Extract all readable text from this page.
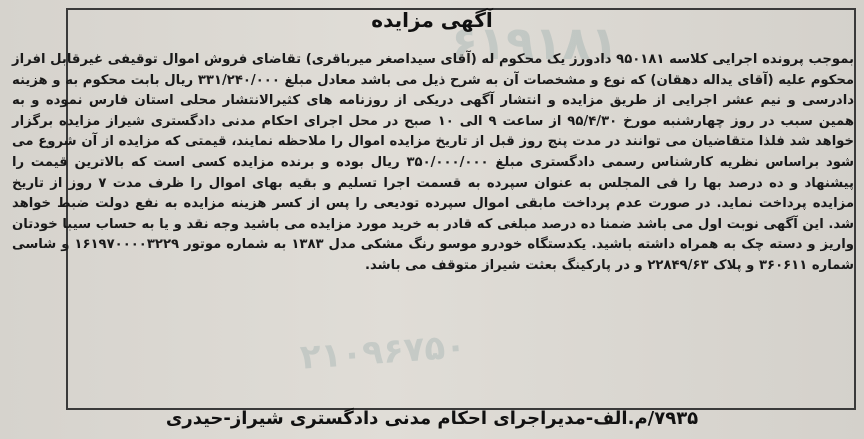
۶۱۹۱۸۱
۲۱۰۹۶۷۵۰
آگهی مزایده

بموجب پرونده اجرایی کلاسه ۹۵۰۱۸۱ دادورز یک محکوم له (آقای سیداصغر میرباقری) تقاضای فروش اموال توقیفی غیرقابل افراز محکوم علیه (آقای یداله دهقان) که نوع و مشخصات آن به شرح ذیل می باشد معادل مبلغ ۳۳۱/۲۴۰/۰۰۰ ریال بابت محکوم به و هزینه دادرسی و نیم عشر اجرایی از طریق مزایده و انتشار آگهی دریکی از روزنامه های کثیرالانتشار محلی استان فارس نموده و به همین سبب در روز چهارشنبه مورخ ۹۵/۴/۳۰ از ساعت ۹ الی ۱۰ صبح در محل اجرای احکام مدنی دادگستری شیراز مزایده برگزار خواهد شد فلذا متقاضیان می توانند در مدت پنج روز قبل از تاریخ مزایده اموال را ملاحظه نمایند، قیمتی که مزایده از آن شروع می شود براساس نظریه کارشناس رسمی دادگستری مبلغ ۳۵۰/۰۰۰/۰۰۰ ریال بوده و برنده مزایده کسی است که بالاترین قیمت را پیشنهاد و ده درصد بها را فی المجلس به عنوان سپرده به قسمت اجرا تسلیم و بقیه بهای اموال را ظرف مدت ۷ روز از تاریخ مزایده پرداخت نماید. در صورت عدم پرداخت مابقی اموال سپرده تودیعی را پس از کسر هزینه مزایده به نفع دولت ضبط خواهد شد. این آگهی نوبت اول می باشد ضمنا ده درصد مبلغی که قادر به خرید مورد مزایده می باشید وجه نقد و یا به حساب سیبا خودتان واریز و دسته چک به همراه داشته باشید. یکدستگاه خودرو موسو رنگ مشکی مدل ۱۳۸۳ به شماره موتور ۱۶۱۹۷۰۰۰۰۳۲۲۹ و شاسی شماره ۳۶۰۶۱۱ و پلاک ۲۲۸۴۹/۶۳ و در پارکینگ بعثت شیراز متوقف می باشد.

۷۹۳۵/م.الف-مدیراجرای احکام مدنی دادگستری شیراز-حیدری
